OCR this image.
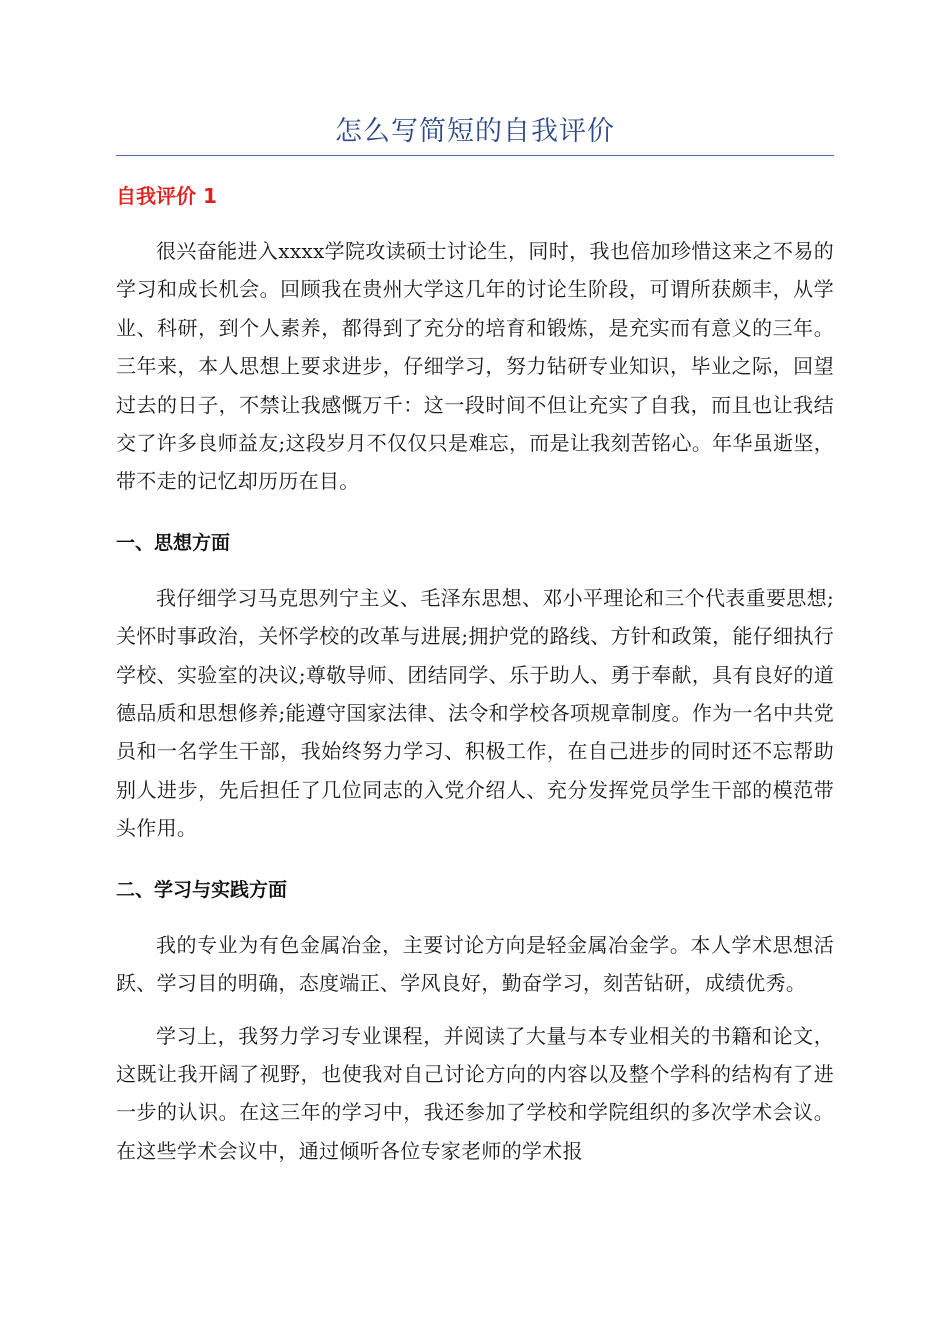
怎么写简短的自我评价
自我评价 1

很兴奋能进入xxxx学院攻读硕士讨论生，同时，我也倍加珍惜这来之不易的学习和成长机会。回顾我在贵州大学这几年的讨论生阶段，可谓所获颇丰，从学业、科研，到个人素养，都得到了充分的培育和锻炼，是充实而有意义的三年。三年来，本人思想上要求进步，仔细学习，努力钻研专业知识，毕业之际，回望过去的日子，不禁让我感慨万千：这一段时间不但让充实了自我，而且也让我结交了许多良师益友;这段岁月不仅仅只是难忘，而是让我刻苦铭心。年华虽逝坚，带不走的记忆却历历在目。

一、思想方面

我仔细学习马克思列宁主义、毛泽东思想、邓小平理论和三个代表重要思想;关怀时事政治，关怀学校的改革与进展;拥护党的路线、方针和政策，能仔细执行学校、实验室的决议;尊敬导师、团结同学、乐于助人、勇于奉献，具有良好的道德品质和思想修养;能遵守国家法律、法令和学校各项规章制度。作为一名中共党员和一名学生干部，我始终努力学习、积极工作，在自己进步的同时还不忘帮助别人进步，先后担任了几位同志的入党介绍人、充分发挥党员学生干部的模范带头作用。

二、学习与实践方面

我的专业为有色金属冶金，主要讨论方向是轻金属冶金学。本人学术思想活跃、学习目的明确，态度端正、学风良好，勤奋学习，刻苦钻研，成绩优秀。

学习上，我努力学习专业课程，并阅读了大量与本专业相关的书籍和论文，这既让我开阔了视野，也使我对自己讨论方向的内容以及整个学科的结构有了进一步的认识。在这三年的学习中，我还参加了学校和学院组织的多次学术会议。在这些学术会议中，通过倾听各位专家老师的学术报
